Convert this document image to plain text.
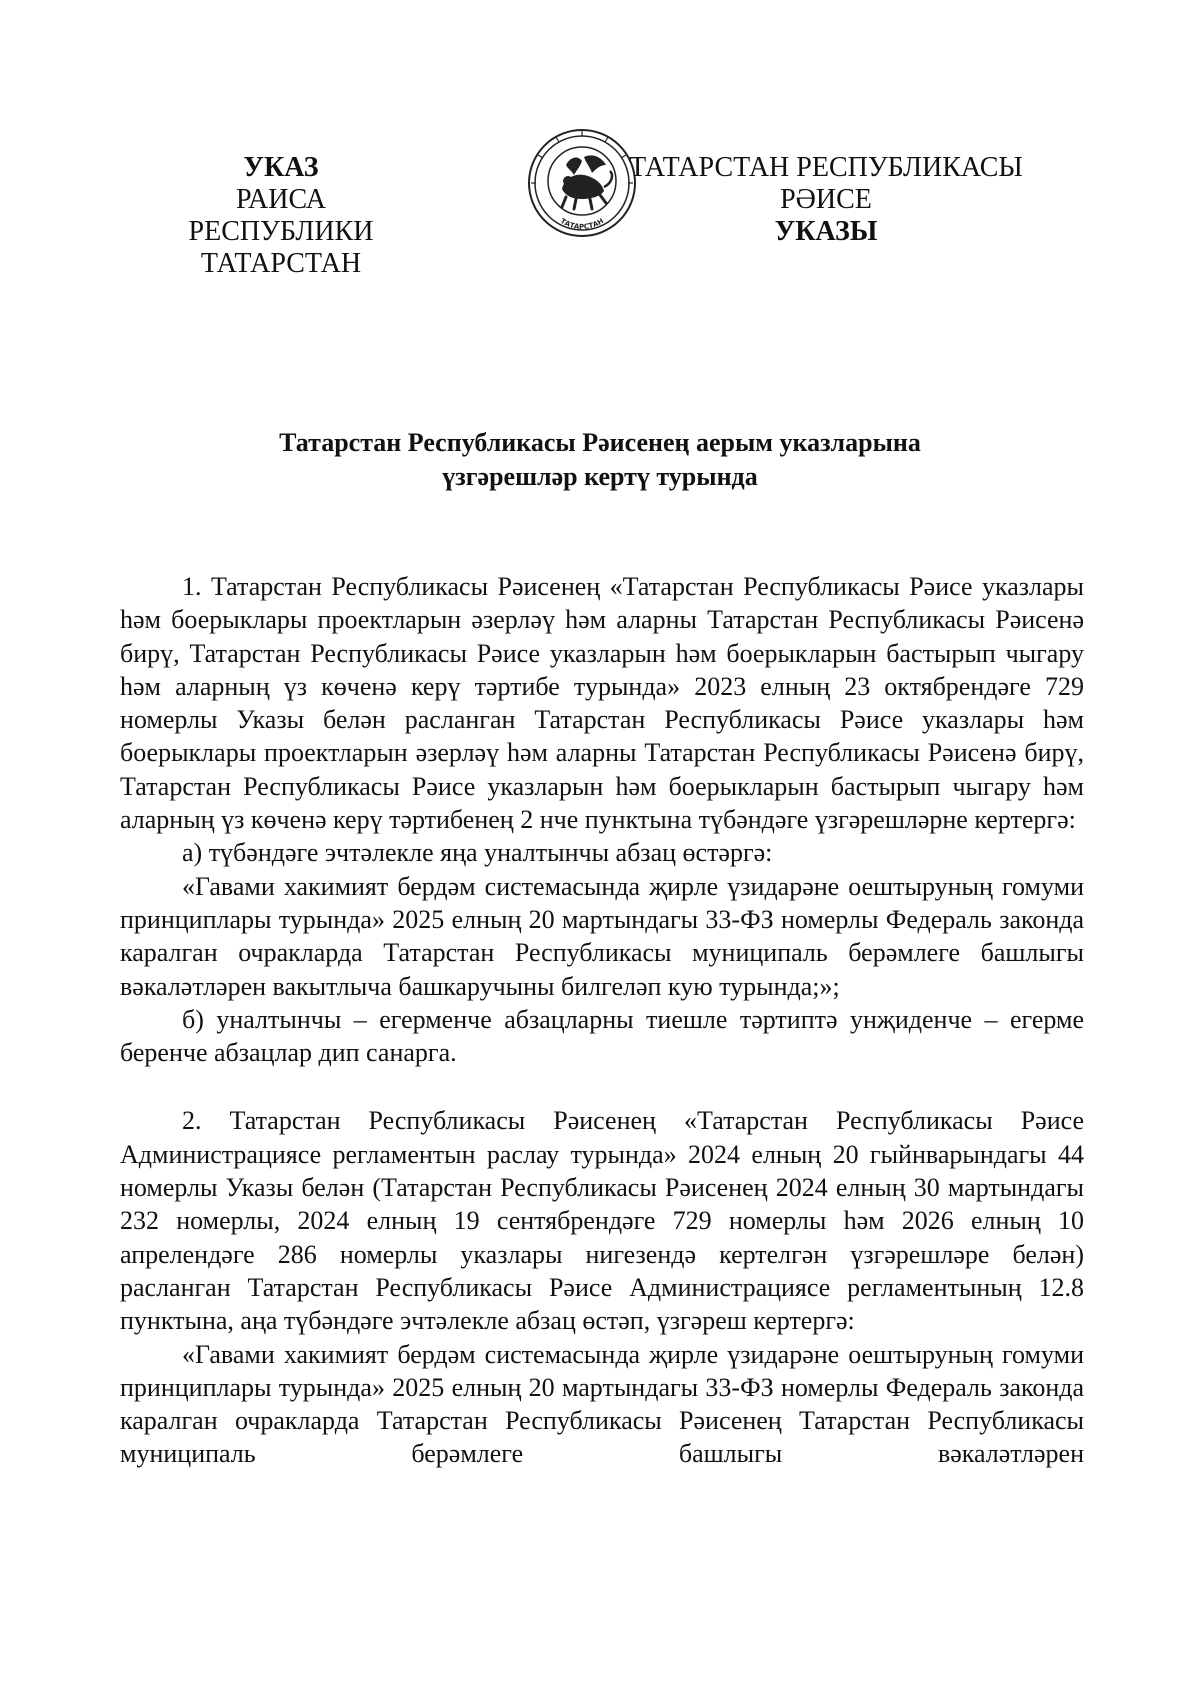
УКАЗ
РАИСА
РЕСПУБЛИКИ ТАТАРСТАН
ТАТАРСТАН
ТАТАРСТАН РЕСПУБЛИКАСЫ
РӘИСЕ
УКАЗЫ
Татарстан Республикасы Рәисенең аерым указларына
үзгәрешләр кертү турында

1. Татарстан Республикасы Рәисенең «Татарстан Республикасы Рәисе указлары һәм боерыклары проектларын әзерләү һәм аларны Татарстан Республикасы Рәисенә бирү, Татарстан Республикасы Рәисе указларын һәм боерыкларын бастырып чыгару һәм аларның үз көченә керү тәртибе турында» 2023 елның 23 октябрендәге 729 номерлы Указы белән расланган Татарстан Республикасы Рәисе указлары һәм боерыклары проектларын әзерләү һәм аларны Татарстан Республикасы Рәисенә бирү, Татарстан Республикасы Рәисе указларын һәм боерыкларын бастырып чыгару һәм аларның үз көченә керү тәртибенең 2 нче пунктына түбәндәге үзгәрешләрне кертергә:

а) түбәндәге эчтәлекле яңа уналтынчы абзац өстәргә:

«Гавами хакимият бердәм системасында җирле үзидарәне оештыруның гомуми принциплары турында» 2025 елның 20 мартындагы 33-ФЗ номерлы Федераль законда каралган очракларда Татарстан Республикасы муниципаль берәмлеге башлыгы вәкаләтләрен вакытлыча башкаручыны билгеләп кую турында;»;

б) уналтынчы – егерменче абзацларны тиешле тәртиптә унҗиденче – егерме беренче абзацлар дип санарга.

2. Татарстан Республикасы Рәисенең «Татарстан Республикасы Рәисе Администрациясе регламентын раслау турында» 2024 елның 20 гыйнварындагы 44 номерлы Указы белән (Татарстан Республикасы Рәисенең 2024 елның 30 мартындагы 232 номерлы, 2024 елның 19 сентябрендәге 729 номерлы һәм 2026 елның 10 апрелендәге 286 номерлы указлары нигезендә кертелгән үзгәрешләре белән) расланган Татарстан Республикасы Рәисе Администрациясе регламентының 12.8 пунктына, аңа түбәндәге эчтәлекле абзац өстәп, үзгәреш кертергә:

«Гавами хакимият бердәм системасында җирле үзидарәне оештыруның гомуми принциплары турында» 2025 елның 20 мартындагы 33-ФЗ номерлы Федераль законда каралган очракларда Татарстан Республикасы Рәисенең Татарстан Республикасы муниципаль берәмлеге башлыгы вәкаләтләрен
